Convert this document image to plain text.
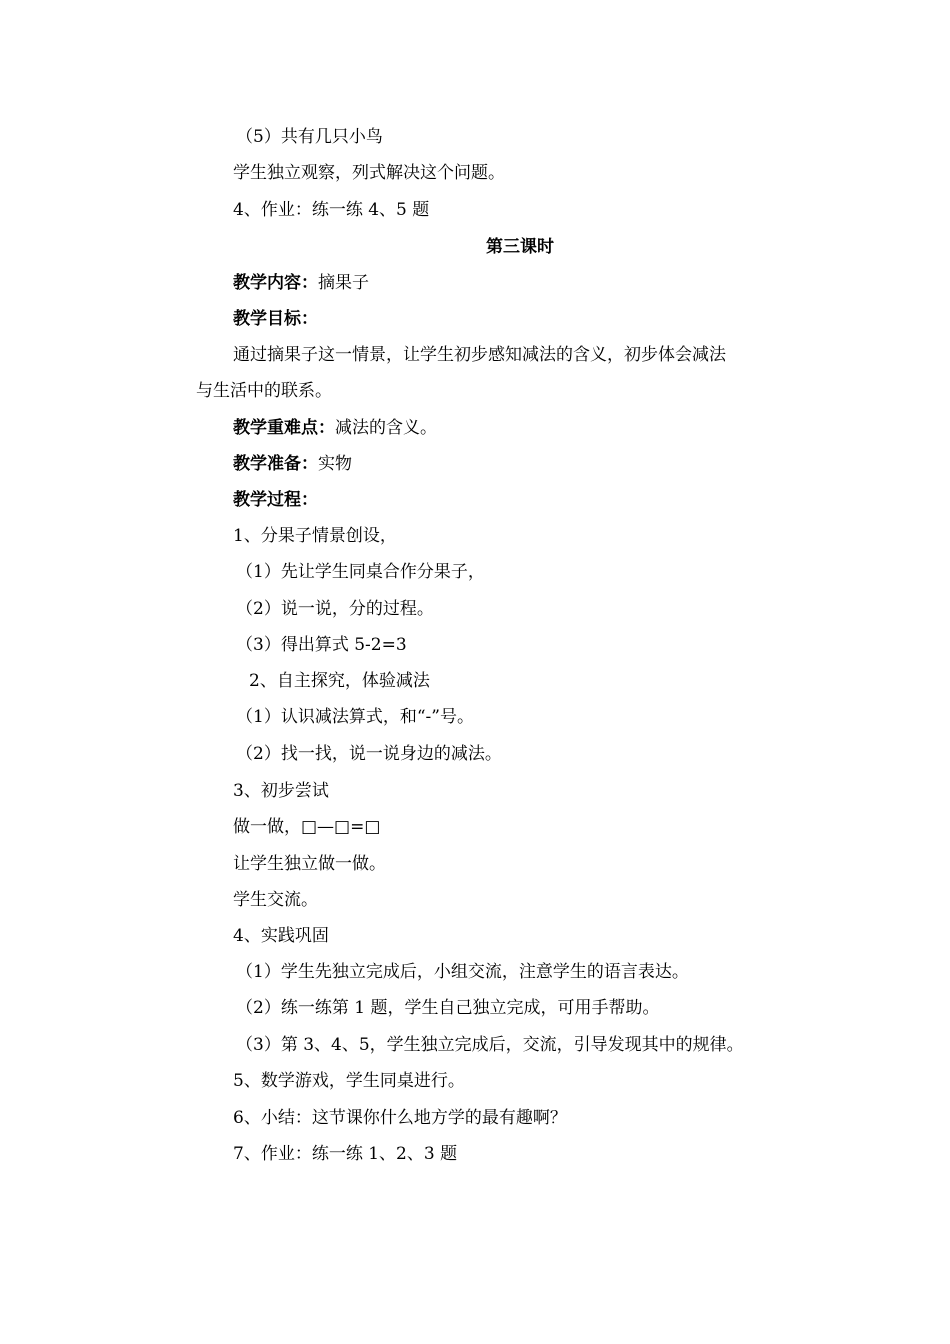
（5）共有几只小鸟
学生独立观察，列式解决这个问题。
4、作业：练一练 4、5 题
第三课时
教学内容：摘果子
教学目标：
通过摘果子这一情景，让学生初步感知减法的含义，初步体会减法
与生活中的联系。
教学重难点：减法的含义。
教学准备：实物
教学过程：
1、分果子情景创设，
（1）先让学生同桌合作分果子，
（2）说一说，分的过程。
（3）得出算式 5-2=3
2、自主探究，体验减法
（1）认识减法算式，和“-”号。
（2）找一找，说一说身边的减法。
3、初步尝试
做一做，□—□=□
让学生独立做一做。
学生交流。
4、实践巩固
（1）学生先独立完成后，小组交流，注意学生的语言表达。
（2）练一练第 1 题，学生自己独立完成，可用手帮助。
（3）第 3、4、5，学生独立完成后，交流，引导发现其中的规律。
5、数学游戏，学生同桌进行。
6、小结：这节课你什么地方学的最有趣啊？
7、作业：练一练 1、2、3 题
